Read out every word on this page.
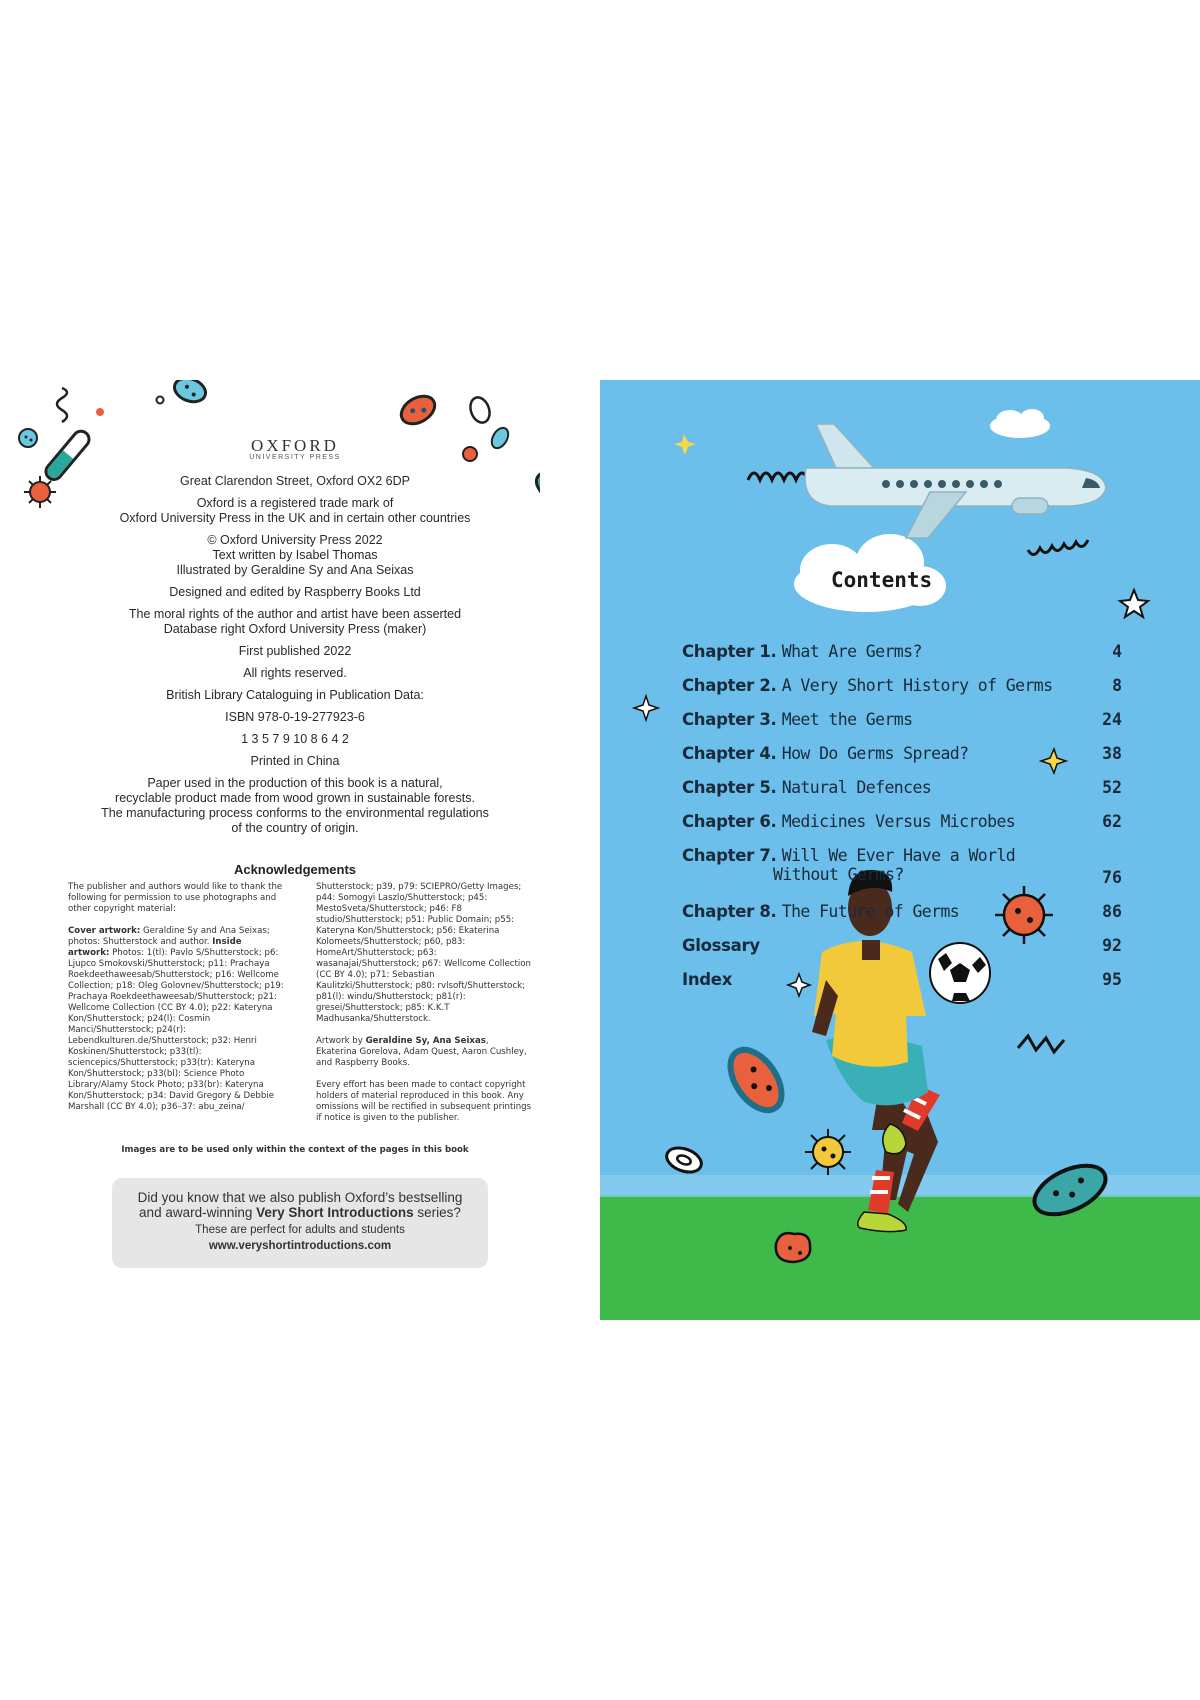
OXFORD
UNIVERSITY PRESS

Great Clarendon Street, Oxford OX2 6DP

Oxford is a registered trade mark of
Oxford University Press in the UK and in certain other countries

© Oxford University Press 2022
Text written by Isabel Thomas
Illustrated by Geraldine Sy and Ana Seixas

Designed and edited by Raspberry Books Ltd

The moral rights of the author and artist have been asserted
Database right Oxford University Press (maker)

First published 2022

All rights reserved.

British Library Cataloguing in Publication Data:

ISBN 978-0-19-277923-6

1 3 5 7 9 10 8 6 4 2

Printed in China

Paper used in the production of this book is a natural,
recyclable product made from wood grown in sustainable forests.
The manufacturing process conforms to the environmental regulations
of the country of origin.

Acknowledgements

The publisher and authors would like to thank the following for permission to use photographs and other copyright material:

Cover artwork: Geraldine Sy and Ana Seixas; photos: Shutterstock and author. Inside artwork: Photos: 1(tl): Pavlo S/Shutterstock; p6: Ljupco Smokovski/Shutterstock; p11: Prachaya Roekdeethaweesab/Shutterstock; p16: Wellcome Collection; p18: Oleg Golovnev/Shutterstock; p19: Prachaya Roekdeethaweesab/Shutterstock; p21: Wellcome Collection (CC BY 4.0); p22: Kateryna Kon/Shutterstock; p24(l): Cosmin Manci/Shutterstock; p24(r): Lebendkulturen.de/Shutterstock; p32: Henri Koskinen/Shutterstock; p33(tl): sciencepics/Shutterstock; p33(tr): Kateryna Kon/Shutterstock; p33(bl): Science Photo Library/Alamy Stock Photo; p33(br): Kateryna Kon/Shutterstock; p34: David Gregory & Debbie Marshall (CC BY 4.0); p36–37: abu_zeina/

Shutterstock; p39, p79: SCIEPRO/Getty Images; p44: Somogyi Laszlo/Shutterstock; p45: MestoSveta/Shutterstock; p46: F8 studio/Shutterstock; p51: Public Domain; p55: Kateryna Kon/Shutterstock; p56: Ekaterina Kolomeets/Shutterstock; p60, p83: HomeArt/Shutterstock; p63: wasanajai/Shutterstock; p67: Wellcome Collection (CC BY 4.0); p71: Sebastian Kaulitzki/Shutterstock; p80: rvlsoft/Shutterstock; p81(l): windu/Shutterstock; p81(r): gresei/Shutterstock; p85: K.K.T Madhusanka/Shutterstock.

Artwork by Geraldine Sy, Ana Seixas, Ekaterina Gorelova, Adam Quest, Aaron Cushley, and Raspberry Books.

Every effort has been made to contact copyright holders of material reproduced in this book. Any omissions will be rectified in subsequent printings if notice is given to the publisher.

Images are to be used only within the context of the pages in this book
Did you know that we also publish Oxford’s bestselling
and award-winning Very Short Introductions series?
These are perfect for adults and students
www.veryshortintroductions.com
Contents
Chapter 1. What Are Germs?	4
Chapter 2. A Very Short History of Germs	8
Chapter 3. Meet the Germs	24
Chapter 4. How Do Germs Spread?	38
Chapter 5. Natural Defences	52
Chapter 6. Medicines Versus Microbes	62
Chapter 7. Will We Ever Have a World
Without Germs?	76
Chapter 8. The Future of Germs	86
Glossary	92
Index	95
